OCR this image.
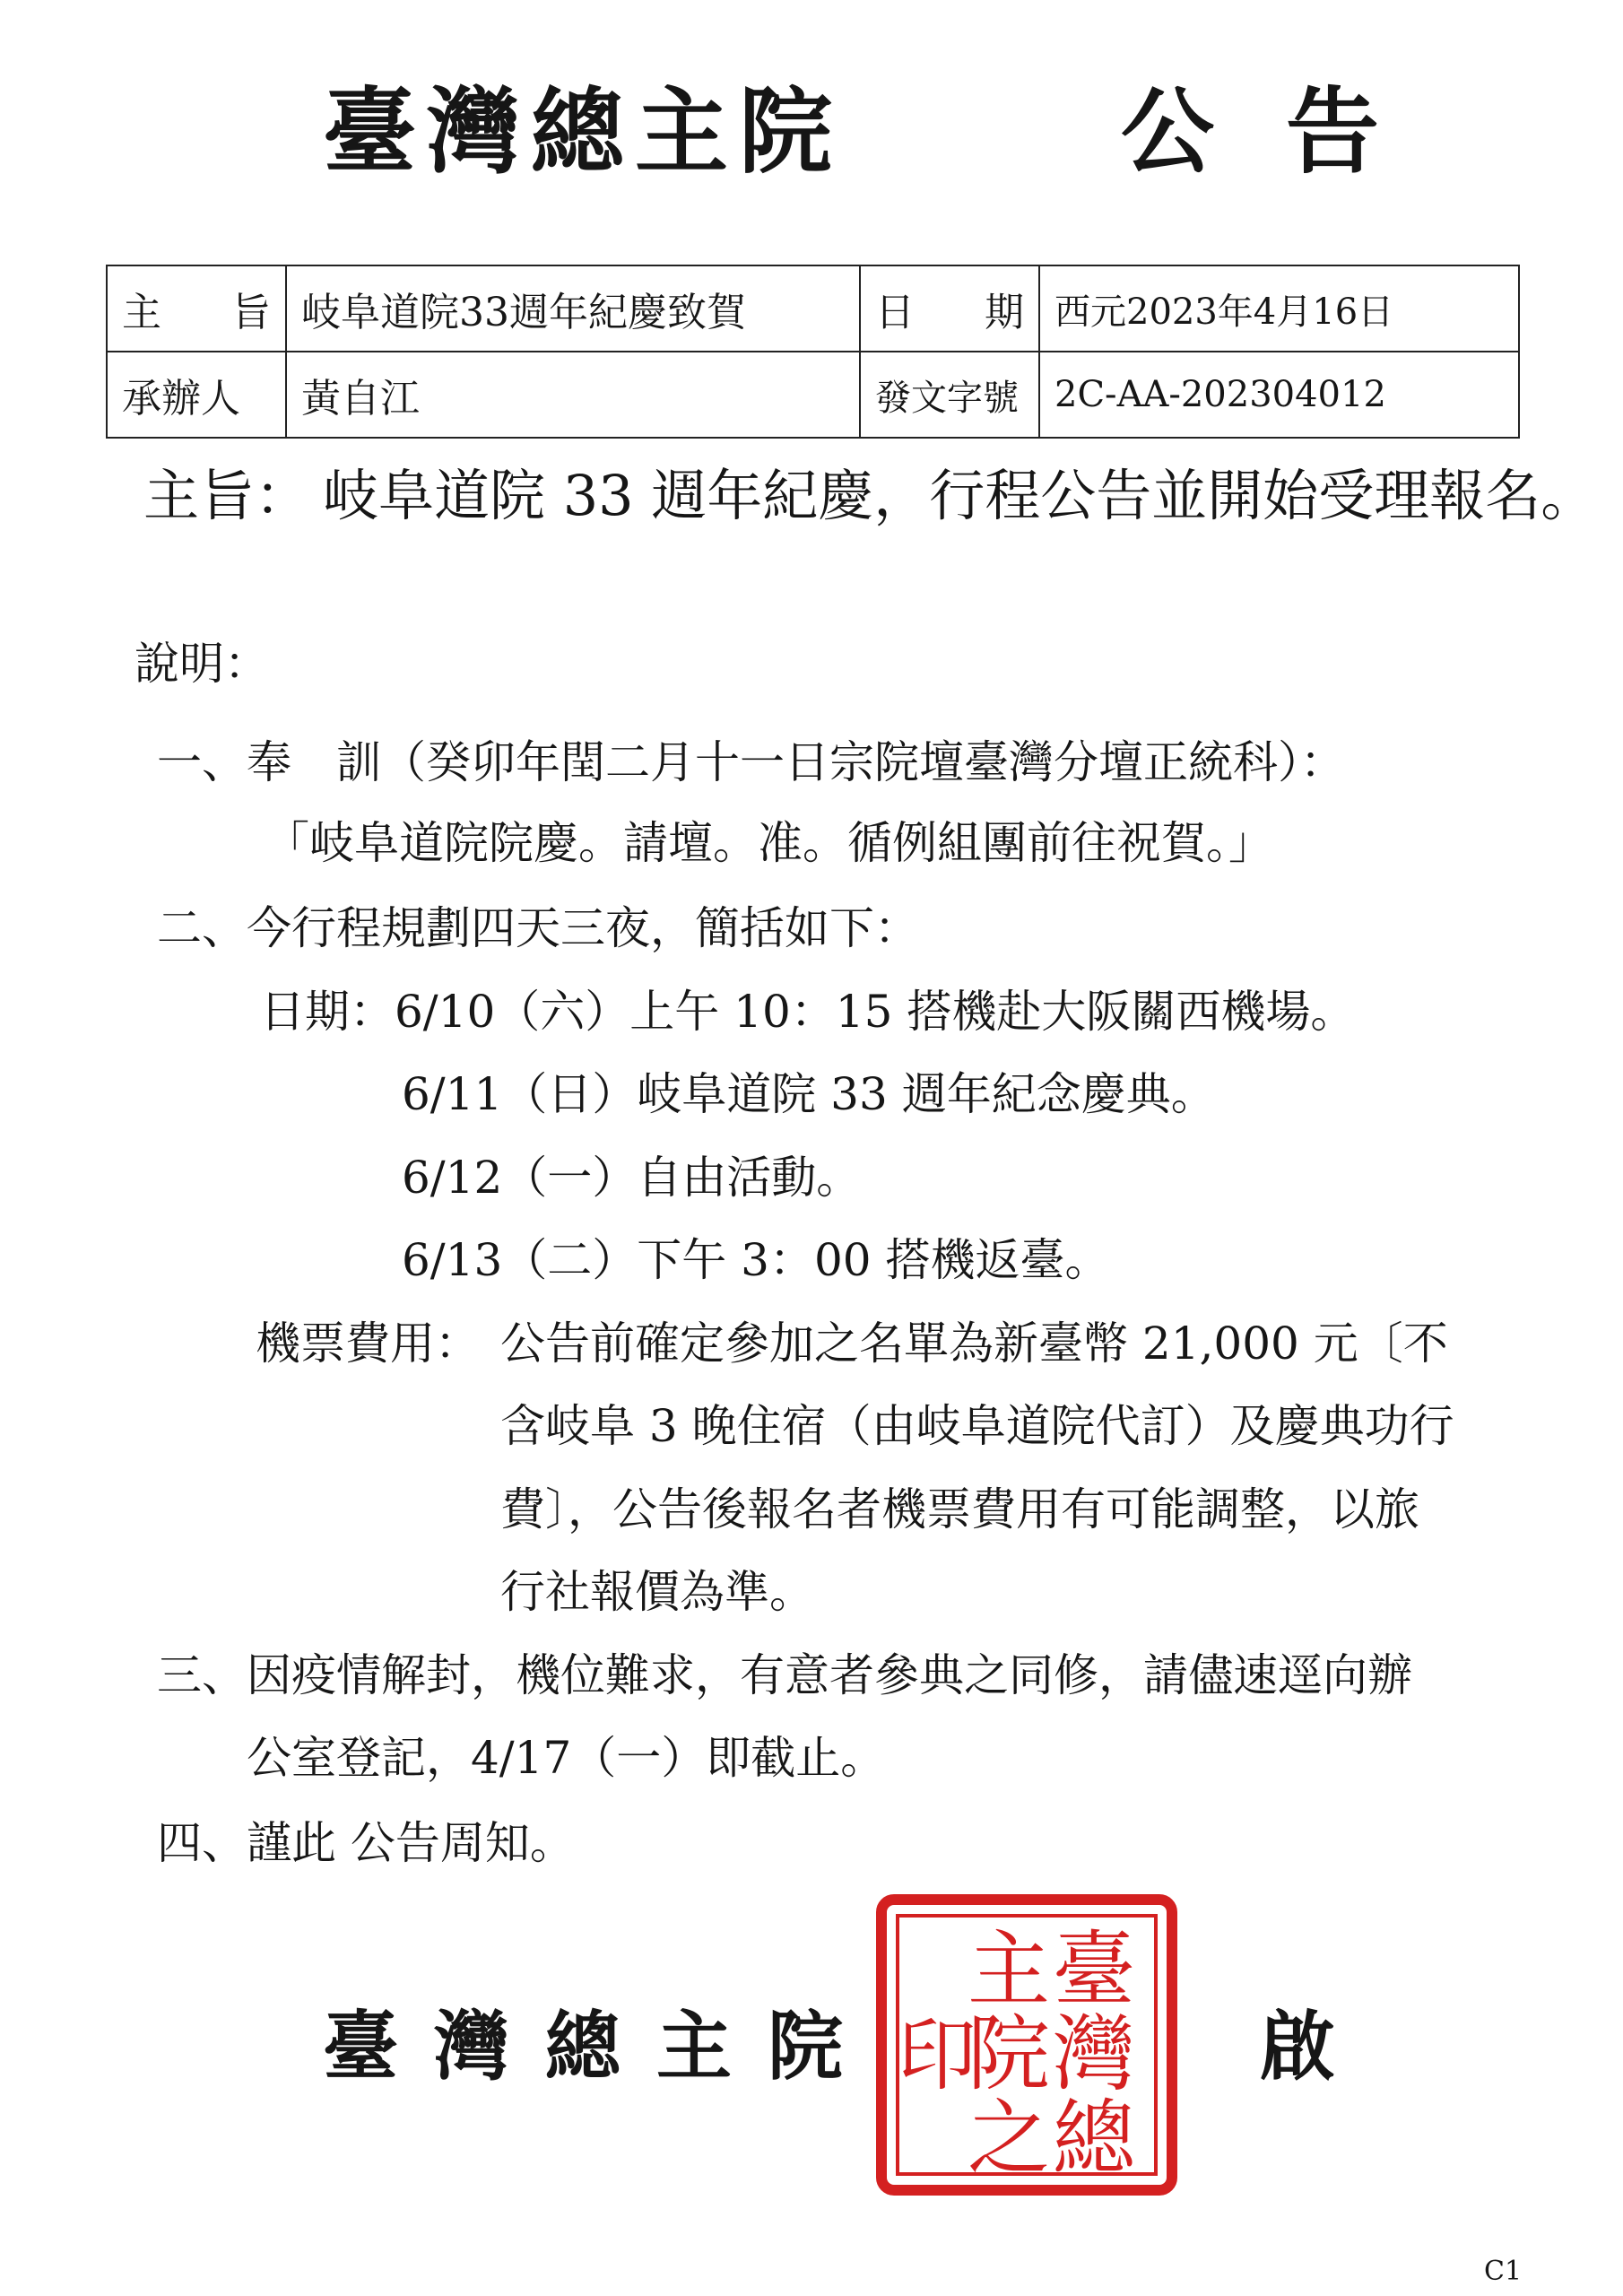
臺灣總主院	公告
主 旨	岐阜道院33週年紀慶致賀	日 期	西元2023年4月16日
承辦人	黃自江	發文字號	2C-AA-202304012
主旨： 岐阜道院 33 週年紀慶，行程公告並開始受理報名。
說明：
一、奉　訓（癸卯年閏二月十一日宗院壇臺灣分壇正統科）：
「岐阜道院院慶。請壇。准。循例組團前往祝賀。」
二、今行程規劃四天三夜，簡括如下：
日期：6/10（六）上午 10：15 搭機赴大阪關西機場。
6/11（日）岐阜道院 33 週年紀念慶典。
6/12（一）自由活動。
6/13（二）下午 3：00 搭機返臺。
機票費用： 公告前確定參加之名單為新臺幣 21,000 元〔不
含岐阜 3 晚住宿（由岐阜道院代訂）及慶典功行
費〕，公告後報名者機票費用有可能調整，以旅
行社報價為準。
三、因疫情解封，機位難求，有意者參典之同修，請儘速逕向辦
公室登記，4/17（一）即截止。
四、謹此 公告周知。
臺灣總主院
臺
灣
總
主
院
之
印	啟
C1
